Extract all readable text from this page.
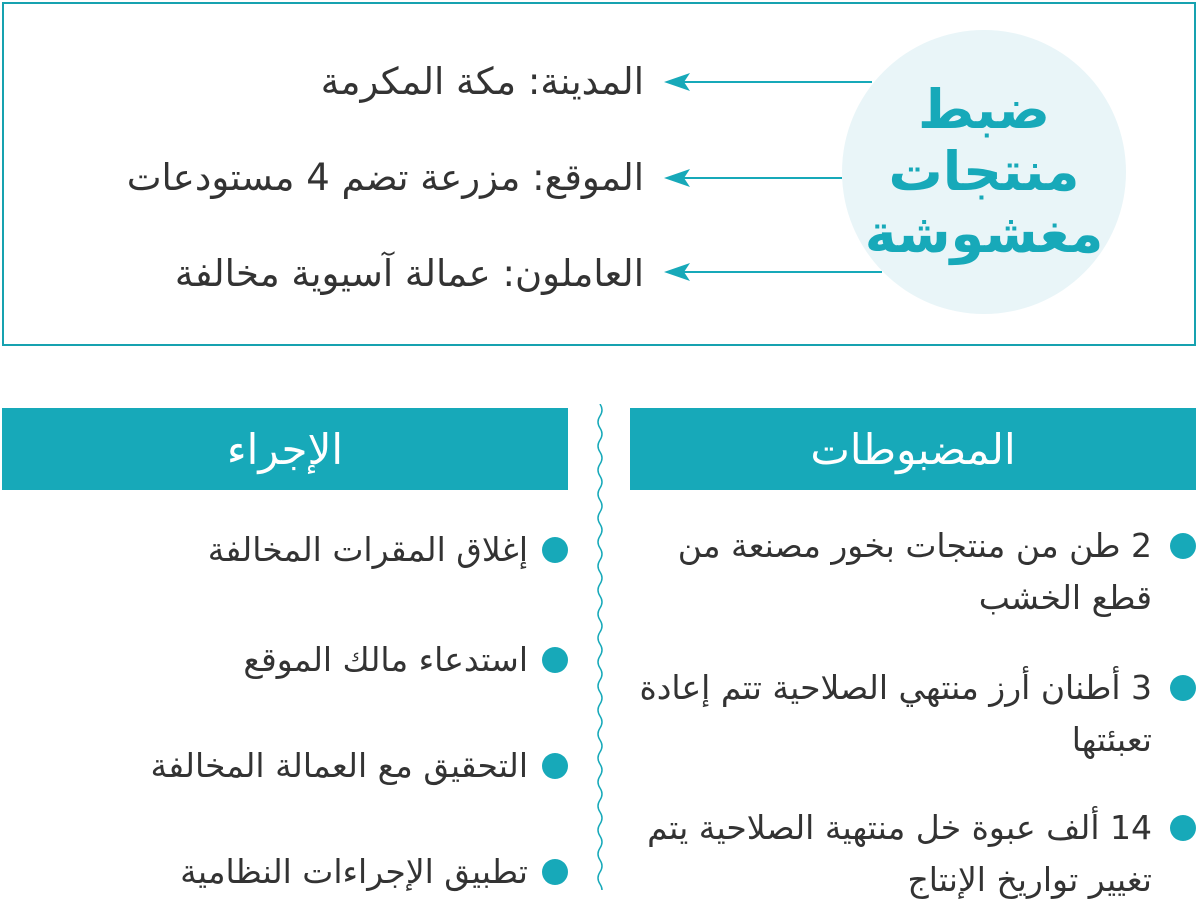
ضبط
منتجات
مغشوشة
المدينة: مكة المكرمة
الموقع: مزرعة تضم 4 مستودعات
العاملون: عمالة آسيوية مخالفة
المضبوطات
الإجراء
2 طن من منتجات بخور مصنعة من قطع الخشب
3 أطنان أرز منتهي الصلاحية تتم إعادة تعبئتها
14 ألف عبوة خل منتهية الصلاحية يتم تغيير تواريخ الإنتاج
إغلاق المقرات المخالفة
استدعاء مالك الموقع
التحقيق مع العمالة المخالفة
تطبيق الإجراءات النظامية
